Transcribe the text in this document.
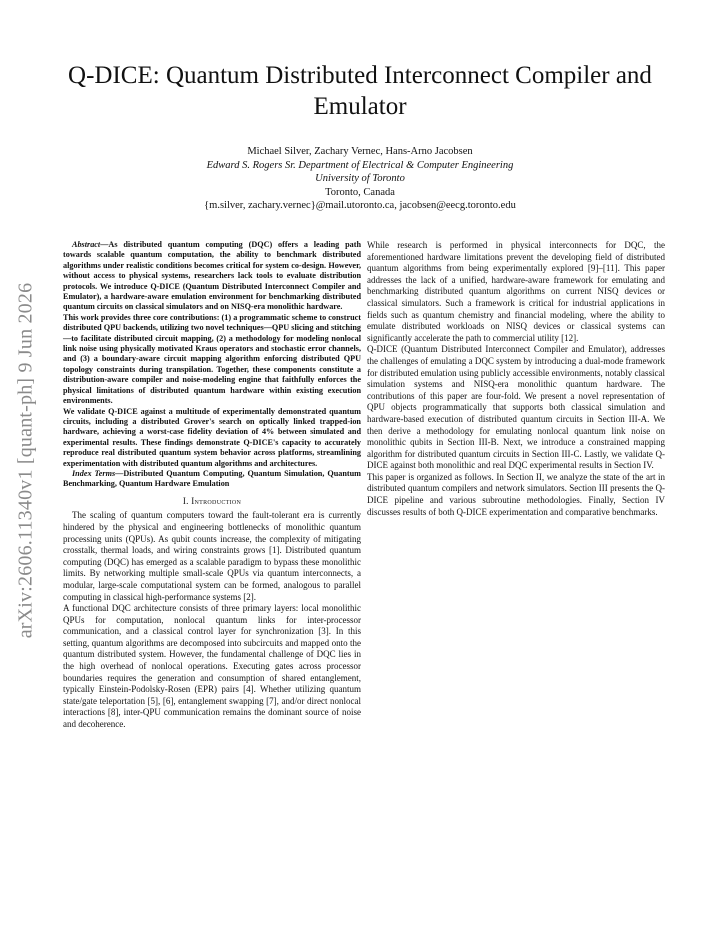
arXiv:2606.11340v1 [quant-ph] 9 Jun 2026
Q-DICE: Quantum Distributed Interconnect Compiler and Emulator
Michael Silver, Zachary Vernec, Hans-Arno Jacobsen
Edward S. Rogers Sr. Department of Electrical & Computer Engineering
University of Toronto
Toronto, Canada
{m.silver, zachary.vernec}@mail.utoronto.ca, jacobsen@eecg.toronto.edu

Abstract—As distributed quantum computing (DQC) offers a leading path towards scalable quantum computation, the ability to benchmark distributed algorithms under realistic conditions becomes critical for system co-design. However, without access to physical systems, researchers lack tools to evaluate distribution protocols. We introduce Q-DICE (Quantum Distributed Interconnect Compiler and Emulator), a hardware-aware emulation environment for benchmarking distributed quantum circuits on classical simulators and on NISQ-era monolithic hardware.

This work provides three core contributions: (1) a programmatic scheme to construct distributed QPU backends, utilizing two novel techniques—QPU slicing and stitching—to facilitate distributed circuit mapping, (2) a methodology for modeling nonlocal link noise using physically motivated Kraus operators and stochastic error channels, and (3) a boundary-aware circuit mapping algorithm enforcing distributed QPU topology constraints during transpilation. Together, these components constitute a distribution-aware compiler and noise-modeling engine that faithfully enforces the physical limitations of distributed quantum hardware within existing execution environments.

We validate Q-DICE against a multitude of experimentally demonstrated quantum circuits, including a distributed Grover's search on optically linked trapped-ion hardware, achieving a worst-case fidelity deviation of 4% between simulated and experimental results. These findings demonstrate Q-DICE's capacity to accurately reproduce real distributed quantum system behavior across platforms, streamlining experimentation with distributed quantum algorithms and architectures.

Index Terms—Distributed Quantum Computing, Quantum Simulation, Quantum Benchmarking, Quantum Hardware Emulation

I. Introduction

The scaling of quantum computers toward the fault-tolerant era is currently hindered by the physical and engineering bottlenecks of monolithic quantum processing units (QPUs). As qubit counts increase, the complexity of mitigating crosstalk, thermal loads, and wiring constraints grows [1]. Distributed quantum computing (DQC) has emerged as a scalable paradigm to bypass these monolithic limits. By networking multiple small-scale QPUs via quantum interconnects, a modular, large-scale computational system can be formed, analogous to parallel computing in classical high-performance systems [2].

A functional DQC architecture consists of three primary layers: local monolithic QPUs for computation, nonlocal quantum links for inter-processor communication, and a classical control layer for synchronization [3]. In this setting, quantum algorithms are decomposed into subcircuits and mapped onto the quantum distributed system. However, the fundamental challenge of DQC lies in the high overhead of nonlocal operations. Executing gates across processor boundaries requires the generation and consumption of shared entanglement, typically Einstein-Podolsky-Rosen (EPR) pairs [4]. Whether utilizing quantum state/gate teleportation [5], [6], entanglement swapping [7], and/or direct nonlocal interactions [8], inter-QPU communication remains the dominant source of noise and decoherence.

While research is performed in physical interconnects for DQC, the aforementioned hardware limitations prevent the developing field of distributed quantum algorithms from being experimentally explored [9]–[11]. This paper addresses the lack of a unified, hardware-aware framework for emulating and benchmarking distributed quantum algorithms on current NISQ devices or classical simulators. Such a framework is critical for industrial applications in fields such as quantum chemistry and financial modeling, where the ability to emulate distributed workloads on NISQ devices or classical systems can significantly accelerate the path to commercial utility [12].

Q-DICE (Quantum Distributed Interconnect Compiler and Emulator), addresses the challenges of emulating a DQC system by introducing a dual-mode framework for distributed emulation using publicly accessible environments, notably classical simulation systems and NISQ-era monolithic quantum hardware. The contributions of this paper are four-fold. We present a novel representation of QPU objects programmatically that supports both classical simulation and hardware-based execution of distributed quantum circuits in Section III-A. We then derive a methodology for emulating nonlocal quantum link noise on monolithic qubits in Section III-B. Next, we introduce a constrained mapping algorithm for distributed quantum circuits in Section III-C. Lastly, we validate Q-DICE against both monolithic and real DQC experimental results in Section IV.

This paper is organized as follows. In Section II, we analyze the state of the art in distributed quantum compilers and network simulators. Section III presents the Q-DICE pipeline and various subroutine methodologies. Finally, Section IV discusses results of both Q-DICE experimentation and comparative benchmarks.
